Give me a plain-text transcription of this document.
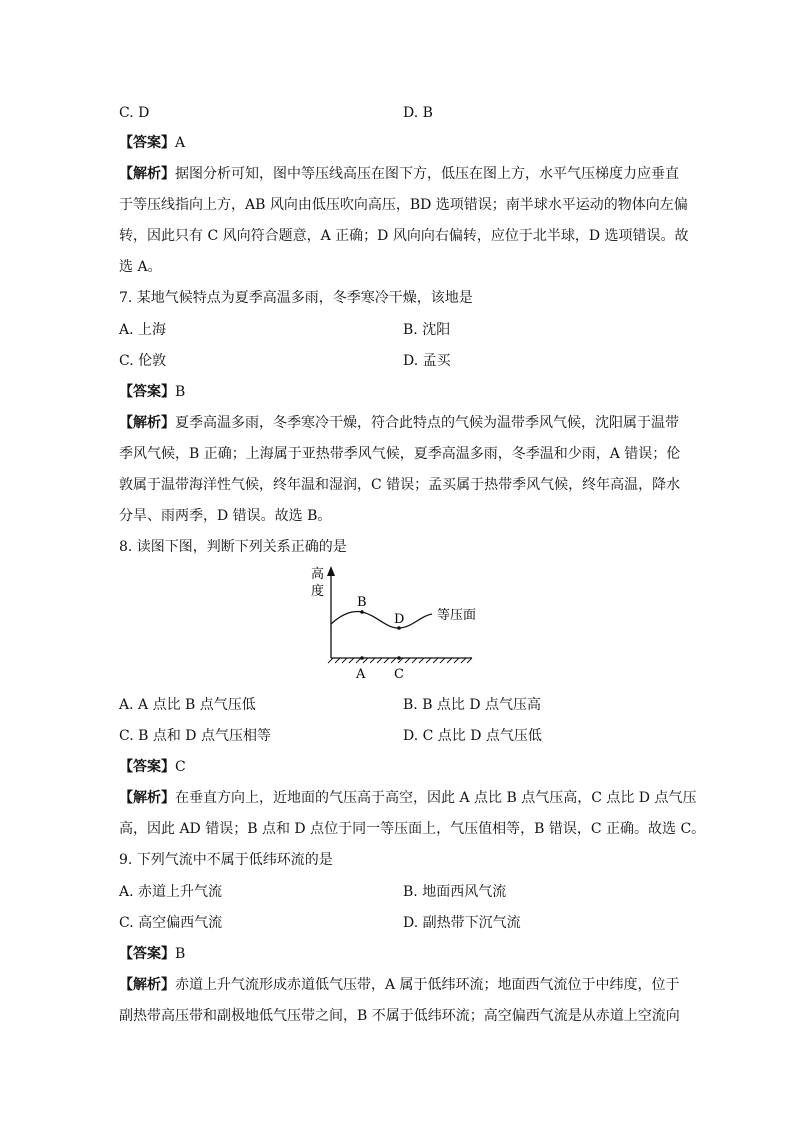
C. D	D. B
【答案】A
【解析】据图分析可知，图中等压线高压在图下方，低压在图上方，水平气压梯度力应垂直
于等压线指向上方，AB 风向由低压吹向高压，BD 选项错误；南半球水平运动的物体向左偏
转，因此只有 C 风向符合题意，A 正确；D 风向向右偏转，应位于北半球，D 选项错误。故
选 A。
7. 某地气候特点为夏季高温多雨，冬季寒冷干燥，该地是
A. 上海	B. 沈阳
C. 伦敦	D. 孟买
【答案】B
【解析】夏季高温多雨，冬季寒冷干燥，符合此特点的气候为温带季风气候，沈阳属于温带
季风气候，B 正确；上海属于亚热带季风气候，夏季高温多雨，冬季温和少雨，A 错误；伦
敦属于温带海洋性气候，终年温和湿润，C 错误；孟买属于热带季风气候，终年高温，降水
分旱、雨两季，D 错误。故选 B。
8. 读图下图，判断下列关系正确的是
高
度
B
D	等压面
A C
A. A 点比 B 点气压低	B. B 点比 D 点气压高
C. B 点和 D 点气压相等	D. C 点比 D 点气压低
【答案】C
【解析】在垂直方向上，近地面的气压高于高空，因此 A 点比 B 点气压高，C 点比 D 点气压
高，因此 AD 错误；B 点和 D 点位于同一等压面上，气压值相等，B 错误，C 正确。故选 C。
9. 下列气流中不属于低纬环流的是
A. 赤道上升气流	B. 地面西风气流
C. 高空偏西气流	D. 副热带下沉气流
【答案】B
【解析】赤道上升气流形成赤道低气压带，A 属于低纬环流；地面西气流位于中纬度，位于
副热带高压带和副极地低气压带之间，B 不属于低纬环流；高空偏西气流是从赤道上空流向
